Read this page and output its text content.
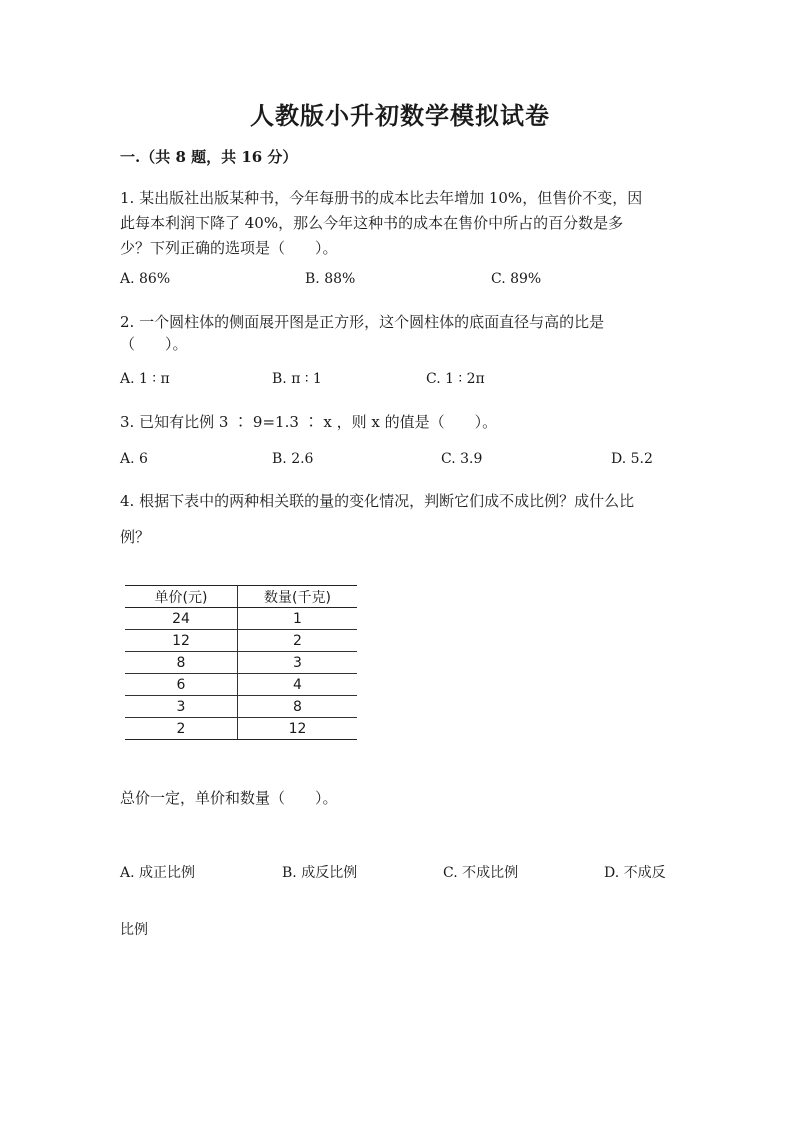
人教版小升初数学模拟试卷
一.（共 8 题，共 16 分）
1. 某出版社出版某种书，今年每册书的成本比去年增加 10%，但售价不变，因
此每本利润下降了 40%，那么今年这种书的成本在售价中所占的百分数是多
少？下列正确的选项是（　　）。
A. 86%	B. 88%	C. 89%
2. 一个圆柱体的侧面展开图是正方形，这个圆柱体的底面直径与高的比是
（　　）。
A. 1 ∶ π	B. π ∶ 1	C. 1 ∶ 2π
3. 已知有比例 3 ∶ 9=1.3 ∶ x ，则 x 的值是（　　）。
A. 6	B. 2.6	C. 3.9	D. 5.2
4. 根据下表中的两种相关联的量的变化情况，判断它们成不成比例？成什么比
例？
单价(元)	数量(千克)
24	1
12	2
8	3
6	4
3	8
2	12
总价一定，单价和数量（　　）。
A. 成正比例	B. 成反比例	C. 不成比例	D. 不成反
比例
